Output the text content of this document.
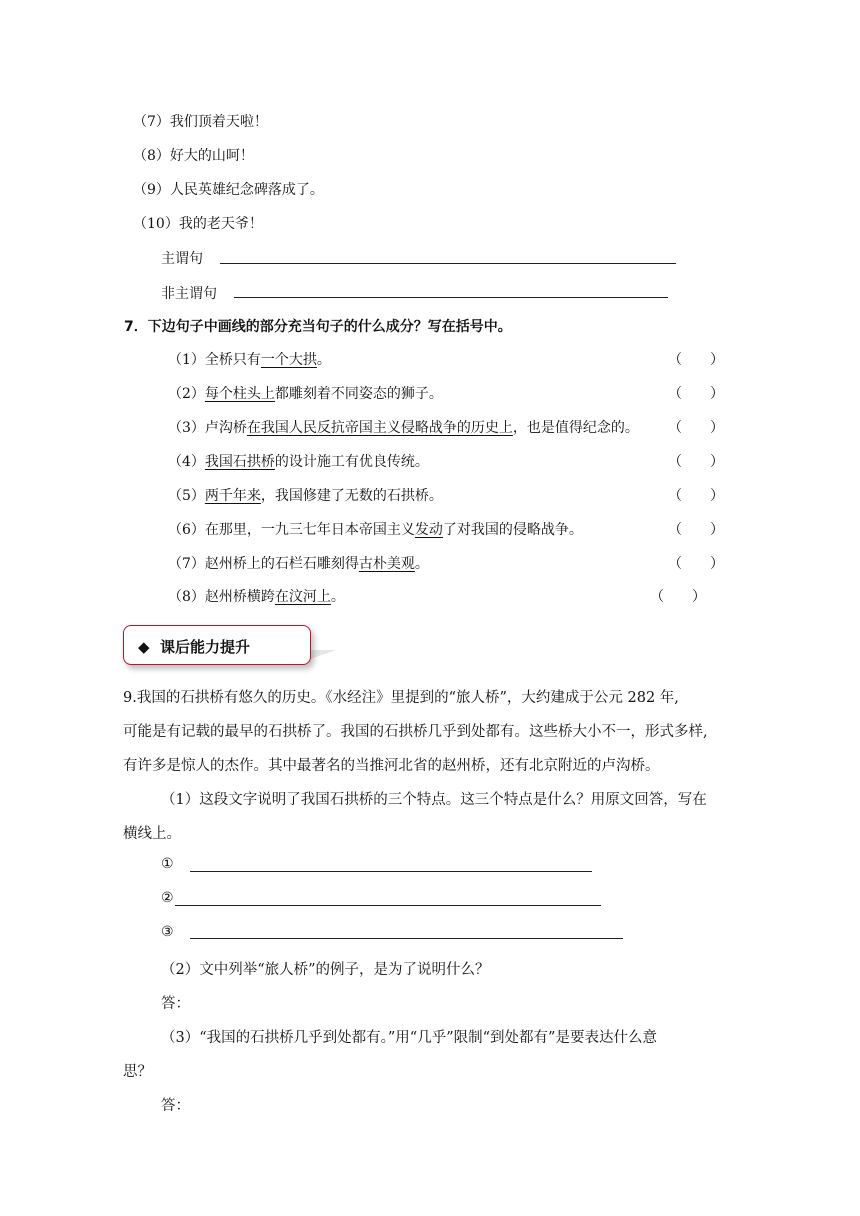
（7）我们顶着天啦！
（8）好大的山呵！
（9）人民英雄纪念碑落成了。
（10）我的老天爷！
主谓句
非主谓句
7．下边句子中画线的部分充当句子的什么成分？写在括号中。
（1）全桥只有一个大拱。	（　　）
（2）每个柱头上都雕刻着不同姿态的狮子。	（　　）
（3）卢沟桥在我国人民反抗帝国主义侵略战争的历史上，也是值得纪念的。 （　　）
（4）我国石拱桥的设计施工有优良传统。	（　　）
（5）两千年来，我国修建了无数的石拱桥。	（　　）
（6）在那里，一九三七年日本帝国主义发动了对我国的侵略战争。	（　　）
（7）赵州桥上的石栏石雕刻得古朴美观。	（　　）
（8）赵州桥横跨在汶河上。	（　　）
◆ 课后能力提升
9.我国的石拱桥有悠久的历史。《水经注》里提到的“旅人桥”，大约建成于公元 282 年,
可能是有记载的最早的石拱桥了。我国的石拱桥几乎到处都有。这些桥大小不一，形式多样,
有许多是惊人的杰作。其中最著名的当推河北省的赵州桥，还有北京附近的卢沟桥。
（1）这段文字说明了我国石拱桥的三个特点。这三个特点是什么？用原文回答，写在
横线上。
①
②
③
（2）文中列举“旅人桥”的例子，是为了说明什么？
答：
（3）“我国的石拱桥几乎到处都有。”用“几乎”限制“到处都有”是要表达什么意
思？
答：
